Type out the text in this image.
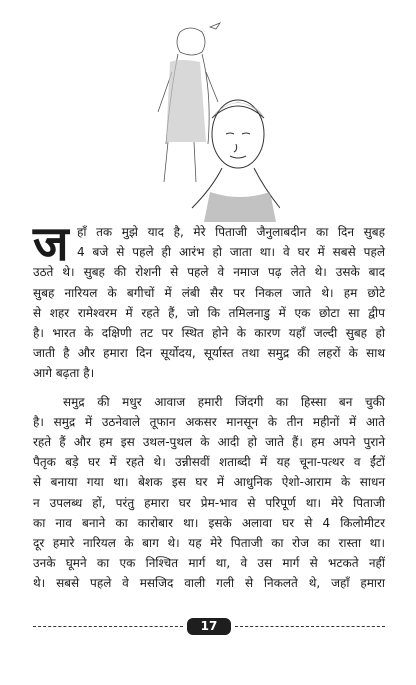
ज हाँ तक मुझे याद है, मेरे पिताजी जैनुलाबदीन का दिन सुबह
4 बजे से पहले ही आरंभ हो जाता था। वे घर में सबसे पहले
उठते थे। सुबह की रोशनी से पहले वे नमाज पढ़ लेते थे। उसके बाद
सुबह नारियल के बगीचों में लंबी सैर पर निकल जाते थे। हम छोटे
से शहर रामेश्वरम में रहते हैं, जो कि तमिलनाडु में एक छोटा सा द्वीप
है। भारत के दक्षिणी तट पर स्थित होने के कारण यहाँ जल्दी सुबह हो
जाती है और हमारा दिन सूर्योदय, सूर्यास्त तथा समुद्र की लहरों के साथ
आगे बढ़ता है।
समुद्र की मधुर आवाज हमारी जिंदगी का हिस्सा बन चुकी
है। समुद्र में उठनेवाले तूफान अकसर मानसून के तीन महीनों में आते
रहते हैं और हम इस उथल-पुथल के आदी हो जाते हैं। हम अपने पुराने
पैतृक बड़े घर में रहते थे। उन्नीसवीं शताब्दी में यह चूना-पत्थर व ईंटों
से बनाया गया था। बेशक इस घर में आधुनिक ऐशो-आराम के साधन
न उपलब्ध हों, परंतु हमारा घर प्रेम-भाव से परिपूर्ण था। मेरे पिताजी
का नाव बनाने का कारोबार था। इसके अलावा घर से 4 किलोमीटर
दूर हमारे नारियल के बाग थे। यह मेरे पिताजी का रोज का रास्ता था।
उनके घूमने का एक निश्चित मार्ग था, वे उस मार्ग से भटकते नहीं
थे। सबसे पहले वे मसजिद वाली गली से निकलते थे, जहाँ हमारा
17
